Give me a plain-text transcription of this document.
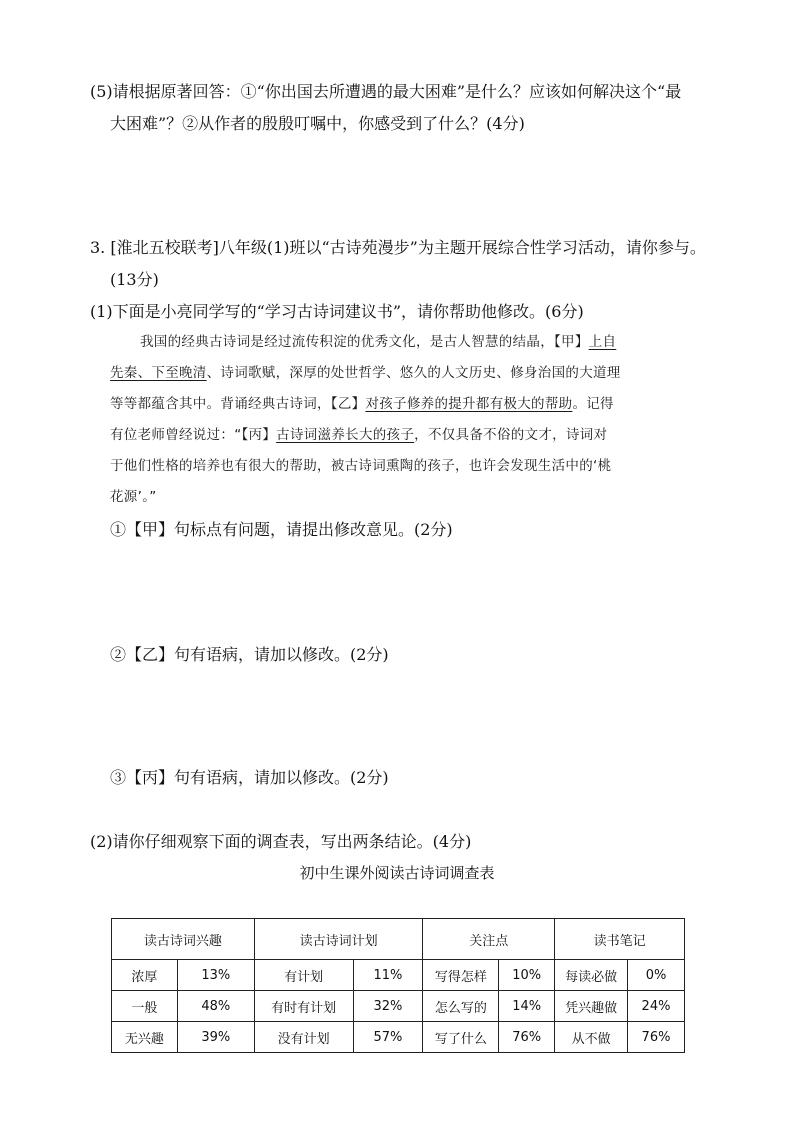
(5)请根据原著回答：①“你出国去所遭遇的最大困难”是什么？应该如何解决这个“最
大困难”？②从作者的殷殷叮嘱中，你感受到了什么？(4分)
3. [淮北五校联考]八年级(1)班以“古诗苑漫步”为主题开展综合性学习活动，请你参与。
(13分)
(1)下面是小亮同学写的“学习古诗词建议书”，请你帮助他修改。(6分)
我国的经典古诗词是经过流传积淀的优秀文化，是古人智慧的结晶，【甲】上自
先秦、下至晚清、诗词歌赋，深厚的处世哲学、悠久的人文历史、修身治国的大道理
等等都蕴含其中。背诵经典古诗词，【乙】对孩子修养的提升都有极大的帮助。记得
有位老师曾经说过：“【丙】古诗词滋养长大的孩子，不仅具备不俗的文才，诗词对
于他们性格的培养也有很大的帮助，被古诗词熏陶的孩子，也许会发现生活中的‘桃
花源’。”
①【甲】句标点有问题，请提出修改意见。(2分)
②【乙】句有语病，请加以修改。(2分)
③【丙】句有语病，请加以修改。(2分)
(2)请你仔细观察下面的调查表，写出两条结论。(4分)
初中生课外阅读古诗词调查表
读古诗词兴趣		读古诗词计划		关注点		读书笔记	
浓厚	13%	有计划	11%	写得怎样	10%	每读必做	0%
一般	48%	有时有计划	32%	怎么写的	14%	凭兴趣做	24%
无兴趣	39%	没有计划	57%	写了什么	76%	从不做	76%
